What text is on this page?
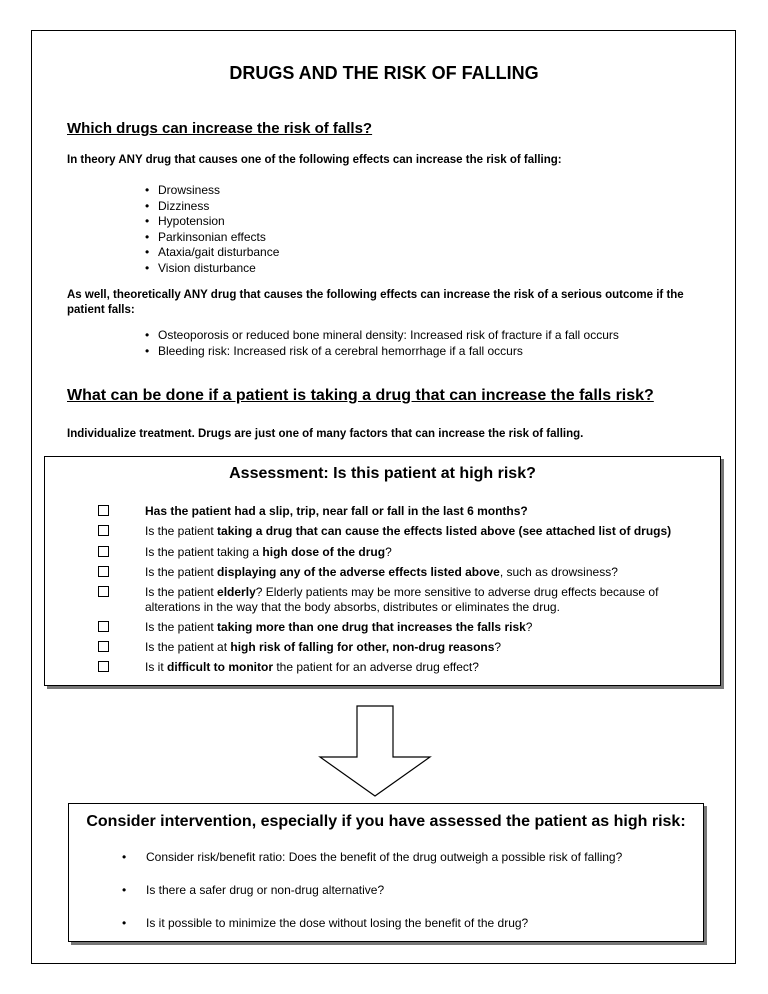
DRUGS AND THE RISK OF FALLING
Which drugs can increase the risk of falls?

In theory ANY drug that causes one of the following effects can increase the risk of falling:

• Drowsiness
• Dizziness
• Hypotension
• Parkinsonian effects
• Ataxia/gait disturbance
• Vision disturbance

As well, theoretically ANY drug that causes the following effects can increase the risk of a serious outcome if the patient falls:

• Osteoporosis or reduced bone mineral density: Increased risk of fracture if a fall occurs
• Bleeding risk: Increased risk of a cerebral hemorrhage if a fall occurs
What can be done if a patient is taking a drug that can increase the falls risk?

Individualize treatment. Drugs are just one of many factors that can increase the risk of falling.

Assessment: Is this patient at high risk?
Has the patient had a slip, trip, near fall or fall in the last 6 months?
Is the patient taking a drug that can cause the effects listed above (see attached list of drugs)
Is the patient taking a high dose of the drug?
Is the patient displaying any of the adverse effects listed above, such as drowsiness?
Is the patient elderly? Elderly patients may be more sensitive to adverse drug effects because of alterations in the way that the body absorbs, distributes or eliminates the drug.
Is the patient taking more than one drug that increases the falls risk?
Is the patient at high risk of falling for other, non-drug reasons?
Is it difficult to monitor the patient for an adverse drug effect?
Consider intervention, especially if you have assessed the patient as high risk:
• Consider risk/benefit ratio: Does the benefit of the drug outweigh a possible risk of falling?
• Is there a safer drug or non-drug alternative?
• Is it possible to minimize the dose without losing the benefit of the drug?
